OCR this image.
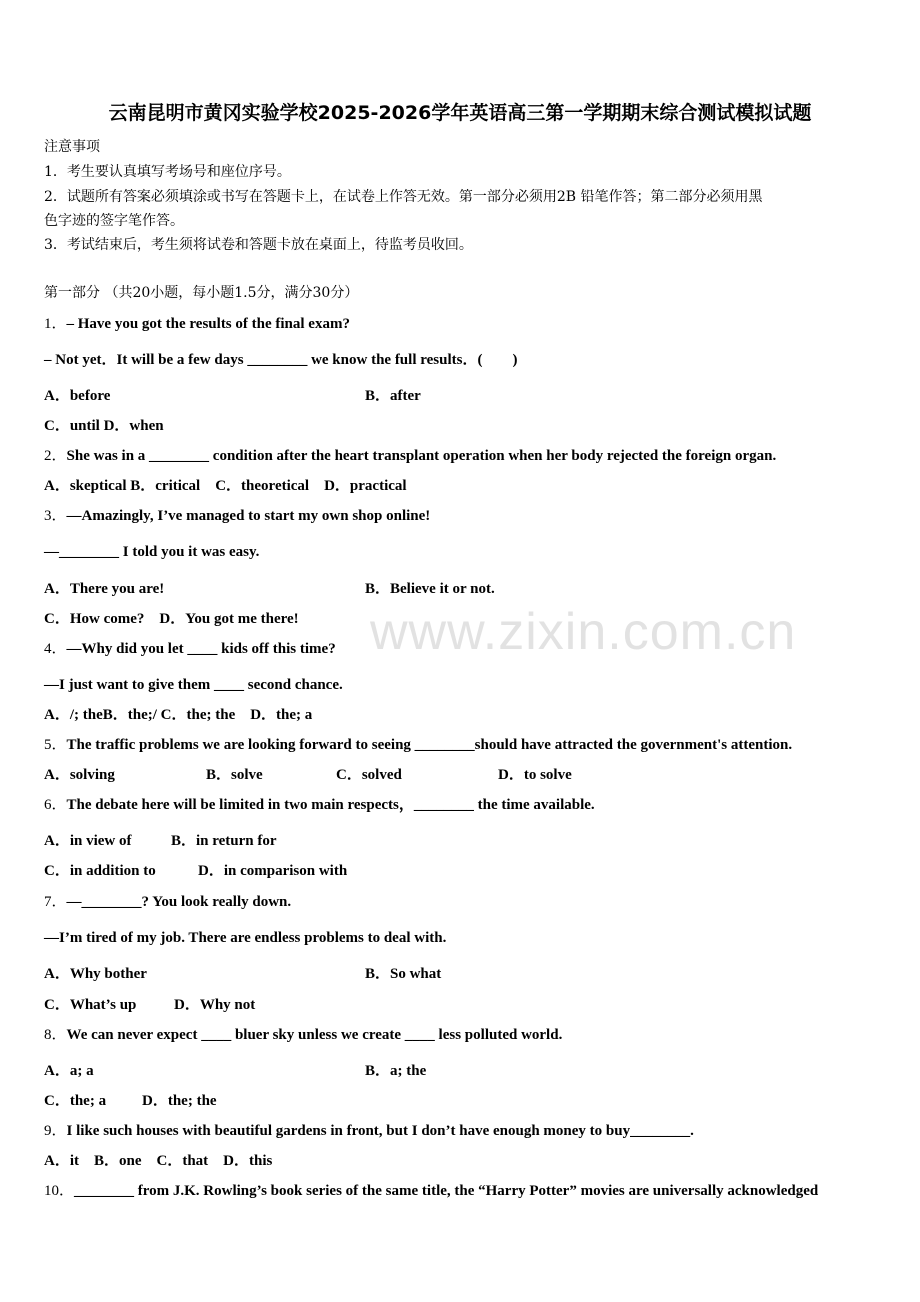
云南昆明市黄冈实验学校2025-2026学年英语高三第一学期期末综合测试模拟试题
注意事项
1．考生要认真填写考场号和座位序号。
2．试题所有答案必须填涂或书写在答题卡上，在试卷上作答无效。第一部分必须用2B 铅笔作答；第二部分必须用黑
色字迹的签字笔作答。
3．考试结束后，考生须将试卷和答题卡放在桌面上，待监考员收回。
第一部分 （共20小题，每小题1.5分，满分30分）
1．– Have you got the results of the final exam?
– Not yet．It will be a few days ________ we know the full results．(　　)
A．before	B．after
C．until D．when
2．She was in a ________ condition after the heart transplant operation when her body rejected the foreign organ.
A．skeptical B．critical　C．theoretical　D．practical
3．—Amazingly, I’ve managed to start my own shop online!
—________ I told you it was easy.
A．There you are!	B．Believe it or not.
C．How come?　D．You got me there!
4．—Why did you let ____ kids off this time?
—I just want to give them ____ second chance.
A．/; theB．the;/ C．the; the　D．the; a
5．The traffic problems we are looking forward to seeing ________should have attracted the government's attention.
A．solving	B．solve	C．solved	D．to solve
6．The debate here will be limited in two main respects，________ the time available.
A．in view of	B．in return for
C．in addition to	D．in comparison with
7．—________? You look really down.
—I’m tired of my job. There are endless problems to deal with.
A．Why bother	B．So what
C．What’s up	D．Why not
8．We can never expect ____ bluer sky unless we create ____ less polluted world.
A．a; a	B．a; the
C．the; a D．the; the
9．I like such houses with beautiful gardens in front, but I don’t have enough money to buy________.
A．it　B．one　C．that　D．this
10．________ from J.K. Rowling’s book series of the same title, the “Harry Potter” movies are universally acknowledged
www.zixin.com.cn
